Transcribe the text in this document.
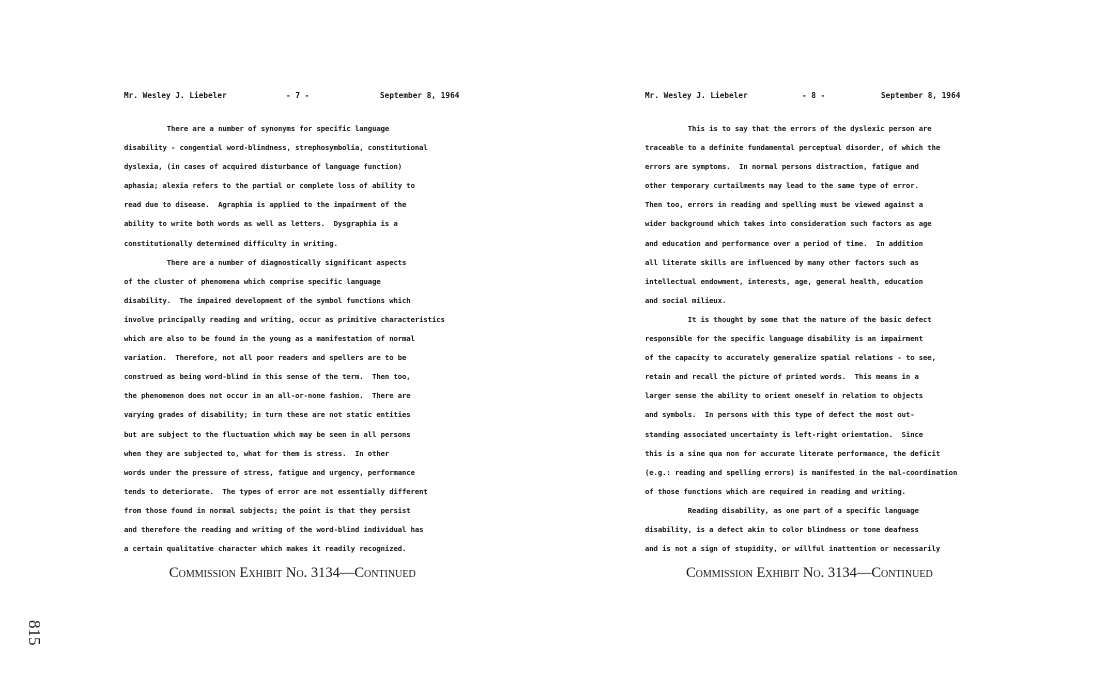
Mr. Wesley J. Liebeler	- 7 -	September 8, 1964
There are a number of synonyms for specific language
disability - congential word-blindness, strephosymbolia, constitutional
dyslexia, (in cases of acquired disturbance of language function)
aphasia; alexia refers to the partial or complete loss of ability to
read due to disease.  Agraphia is applied to the impairment of the
ability to write both words as well as letters.  Dysgraphia is a
constitutionally determined difficulty in writing.
There are a number of diagnostically significant aspects
of the cluster of phenomena which comprise specific language
disability.  The impaired development of the symbol functions which
involve principally reading and writing, occur as primitive characteristics
which are also to be found in the young as a manifestation of normal
variation.  Therefore, not all poor readers and spellers are to be
construed as being word-blind in this sense of the term.  Then too,
the phenomenon does not occur in an all-or-none fashion.  There are
varying grades of disability; in turn these are not static entities
but are subject to the fluctuation which may be seen in all persons
when they are subjected to, what for them is stress.  In other
words under the pressure of stress, fatigue and urgency, performance
tends to deteriorate.  The types of error are not essentially different
from those found in normal subjects; the point is that they persist
and therefore the reading and writing of the word-blind individual has
a certain qualitative character which makes it readily recognized.
Commission Exhibit No. 3134—Continued
Mr. Wesley J. Liebeler	- 8 -	September 8, 1964
This is to say that the errors of the dyslexic person are
traceable to a definite fundamental perceptual disorder, of which the
errors are symptoms.  In normal persons distraction, fatigue and
other temporary curtailments may lead to the same type of error.
Then too, errors in reading and spelling must be viewed against a
wider background which takes into consideration such factors as age
and education and performance over a period of time.  In addition
all literate skills are influenced by many other factors such as
intellectual endowment, interests, age, general health, education
and social milieux.
It is thought by some that the nature of the basic defect
responsible for the specific language disability is an impairment
of the capacity to accurately generalize spatial relations - to see,
retain and recall the picture of printed words.  This means in a
larger sense the ability to orient oneself in relation to objects
and symbols.  In persons with this type of defect the most out-
standing associated uncertainty is left-right orientation.  Since
this is a sine qua non for accurate literate performance, the deficit
(e.g.: reading and spelling errors) is manifested in the mal-coordination
of those functions which are required in reading and writing.
Reading disability, as one part of a specific language
disability, is a defect akin to color blindness or tone deafness
and is not a sign of stupidity, or willful inattention or necessarily
Commission Exhibit No. 3134—Continued
815
